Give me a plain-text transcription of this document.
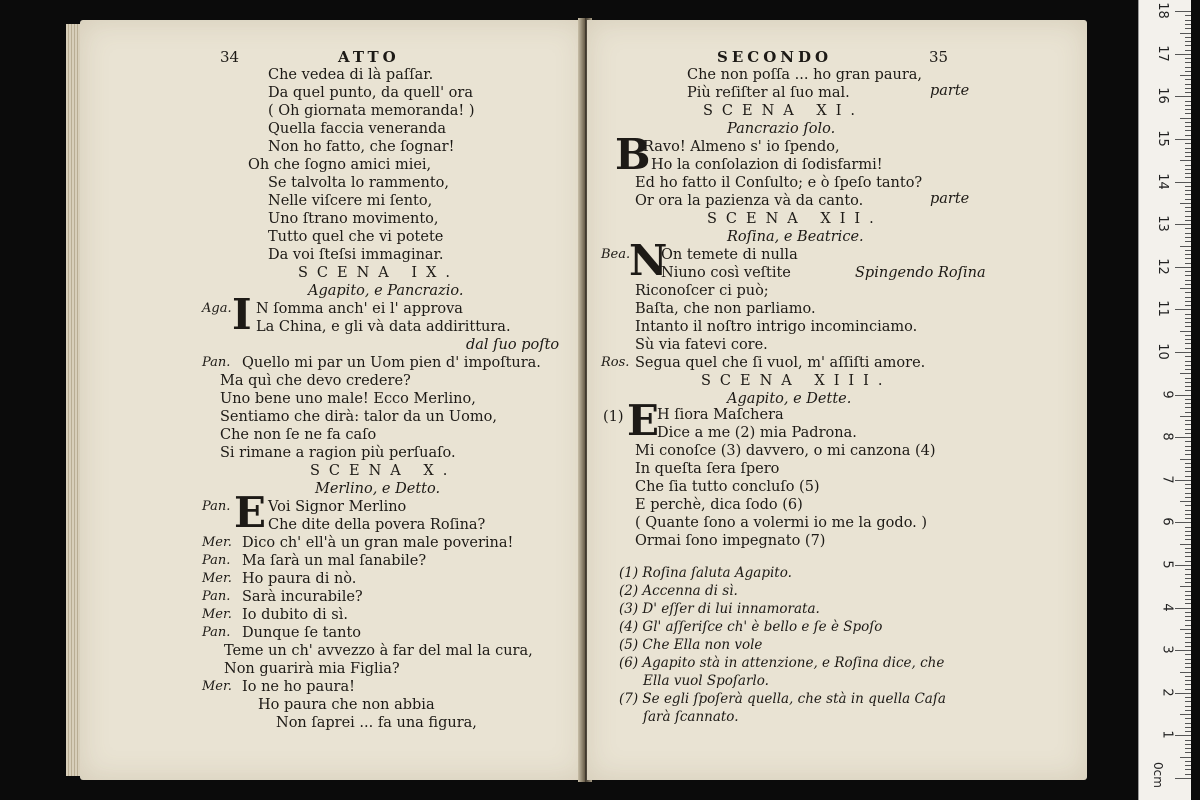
34	ATTO
Che vedea di là paſſar.
Da quel punto, da quell' ora
( Oh giornata memoranda! )
Quella faccia veneranda
Non ho fatto, che ſognar!
Oh che ſogno amici miei,
Se talvolta lo rammento,
Nelle viſcere mi ſento,
Uno ſtrano movimento,
Tutto quel che vi potete
Da voi ſteſsi immaginar.
SCENA IX.
Agapito, e Pancrazio.
Aga. I N ſomma anch' ei l' approva
La China, e gli và data addirittura.
dal ſuo poſto
Pan. Quello mi par un Uom pien d' impoſtura.
Ma quì che devo credere?
Uno bene uno male! Ecco Merlino,
Sentiamo che dirà: talor da un Uomo,
Che non ſe ne fa caſo
Si rimane a ragion più perſuaſo.
SCENA X.
Merlino, e Detto.
Pan. E Voi Signor Merlino
Che dite della povera Roſina?
Mer. Dico ch' ell'à un gran male poverina!
Pan. Ma ſarà un mal ſanabile?
Mer. Ho paura di nò.
Pan. Sarà incurabile?
Mer. Io dubito di sì.
Pan. Dunque ſe tanto
Teme un ch' avvezzo à far del mal la cura,
Non guarirà mia Figlia?
Mer. Io ne ho paura!
Ho paura che non abbia
Non ſaprei ... fa una figura,
SECONDO	35
Che non poſſa ... ho gran paura,
Più reſiſter al ſuo mal.	parte
SCENA XI.
Pancrazio ſolo.
B
Ravo! Almeno s' io ſpendo,
Ho la conſolazion di ſodisfarmi!
Ed ho fatto il Conſulto; e ò ſpeſo tanto?
Or ora la pazienza và da canto.	parte
SCENA XII.
Roſina, e Beatrice.
Bea.
N
On temete di nulla
Niuno così veſtite	Spingendo Roſina
Riconoſcer ci può;
Baſta, che non parliamo.
Intanto il noſtro intrigo incominciamo.
Sù via fatevi core.
Ros. Segua quel che ſi vuol, m' aſſiſti amore.
SCENA XIII.
Agapito, e Dette.
(1) E
H ſiora Maſchera
Dice a me (2) mia Padrona.
Mi conoſce (3) davvero, o mi canzona (4)
In queſta ſera ſpero
Che ſia tutto concluſo (5)
E perchè, dica ſodo (6)
( Quante ſono a volermi io me la godo. )
Ormai ſono impegnato (7)
(1) Roſina ſaluta Agapito.
(2) Accenna di sì.
(3) D' eſſer di lui innamorata.
(4) Gl' aſſeriſce ch' è bello e ſe è Spoſo
(5) Che Ella non vole
(6) Agapito stà in attenzione, e Roſina dice, che
Ella vuol Spoſarlo.
(7) Se egli ſpoſerà quella, che stà in quella Caſa
ſarà ſcannato.
0cm
1
2
3
4
5
6
7
8
9
10
11
12
13
14
15
16
17
18
